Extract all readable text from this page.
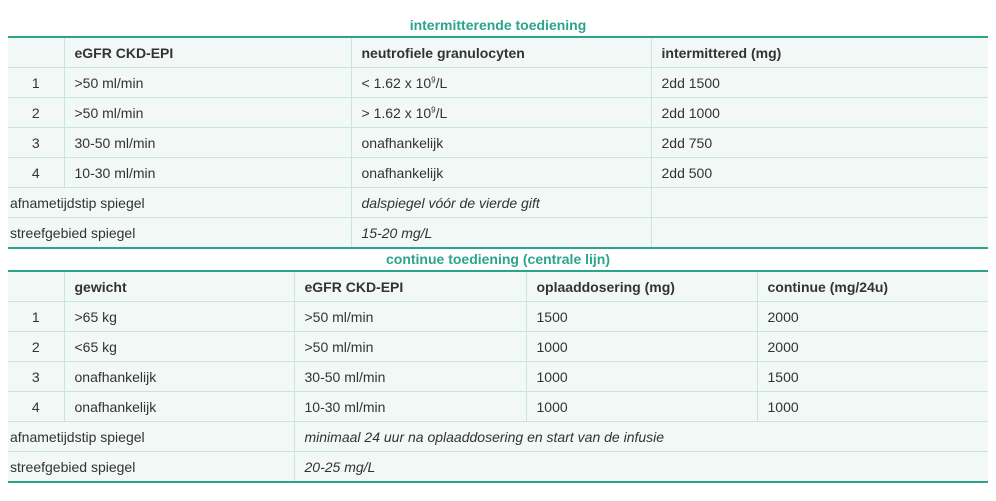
intermitterende toediening
	eGFR CKD-EPI	neutrofiele granulocyten	intermittered (mg)
1	>50 ml/min	< 1.62 x $10^9/L$	2dd 1500
2	>50 ml/min	> 1.62 x $10^9/L$	2dd 1000
3	30-50 ml/min	onafhankelijk	2dd 750
4	10-30 ml/min	onafhankelijk	2dd 500
afnametijdstip spiegel		dalspiegel vóór de vierde gift	
streefgebied spiegel		15-20 mg/L	
continue toediening (centrale lijn)
	gewicht	eGFR CKD-EPI	oplaaddosering (mg)	continue (mg/24u)
1	>65 kg	>50 ml/min	1500	2000
2	<65 kg	>50 ml/min	1000	2000
3	onafhankelijk	30-50 ml/min	1000	1500
4	onafhankelijk	10-30 ml/min	1000	1000
afnametijdstip spiegel		minimaal 24 uur na oplaaddosering en start van de infusie		
streefgebied spiegel		20-25 mg/L		
